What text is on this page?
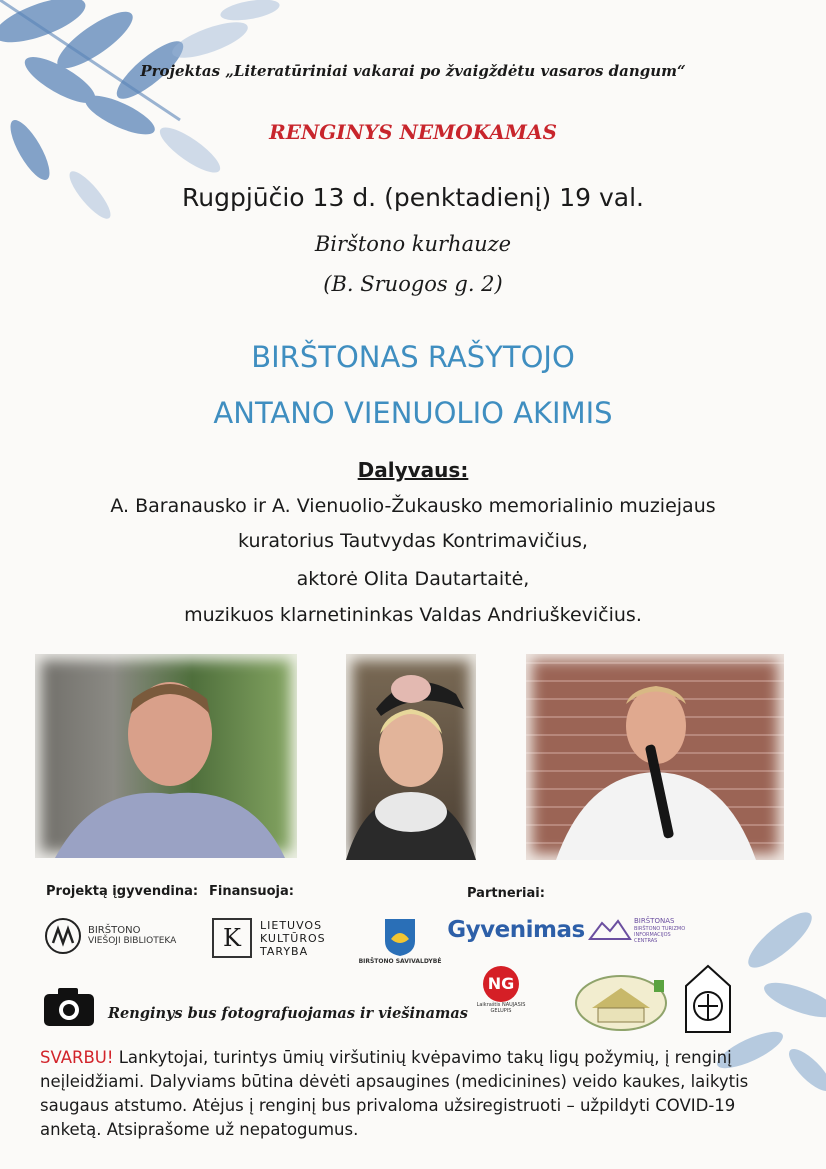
Projektas „Literatūriniai vakarai po žvaigždėtu vasaros dangum“
RENGINYS NEMOKAMAS
Rugpjūčio 13 d. (penktadienį) 19 val.
Birštono kurhauze
(B. Sruogos g. 2)
BIRŠTONAS RAŠYTOJO
ANTANO VIENUOLIO AKIMIS
Dalyvaus:
A. Baranausko ir A. Vienuolio-Žukausko memorialinio muziejaus
kuratorius Tautvydas Kontrimavičius,
aktorė Olita Dautartaitė,
muzikuos klarnetininkas Valdas Andriuškevičius.
Projektą įgyvendina: Finansuoja:	Partneriai:
BIRŠTONO
VIEŠOJI BIBLIOTEKA	K	LIETUVOS
KULTŪROS
TARYBA
BIRŠTONO SAVIVALDYBĖ
Gyvenimas	BIRŠTONAS
BIRŠTONO TURIZMO INFORMACIJOS CENTRAS
NG
Laikraštis NAUJASIS GELUPIS
Renginys bus fotografuojamas ir viešinamas
SVARBU! Lankytojai, turintys ūmių viršutinių kvėpavimo takų ligų požymių, į renginį neįleidžiami. Dalyviams būtina dėvėti apsaugines (medicinines) veido kaukes, laikytis saugaus atstumo. Atėjus į renginį bus privaloma užsiregistruoti – užpildyti COVID-19 anketą. Atsiprašome už nepatogumus.
